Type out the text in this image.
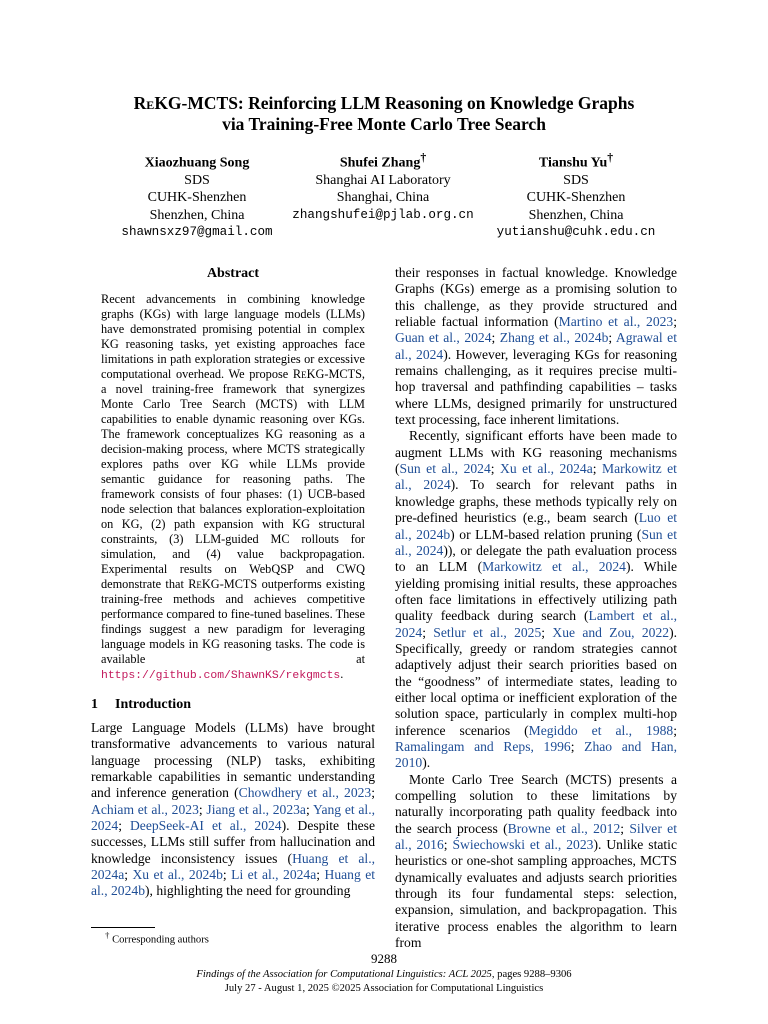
ReKG-MCTS: Reinforcing LLM Reasoning on Knowledge Graphs
via Training-Free Monte Carlo Tree Search
Xiaozhuang Song
SDS
CUHK-Shenzhen
Shenzhen, China
shawnsxz97@gmail.com
Shufei Zhang†
Shanghai AI Laboratory
Shanghai, China
zhangshufei@pjlab.org.cn
Tianshu Yu†
SDS
CUHK-Shenzhen
Shenzhen, China
yutianshu@cuhk.edu.cn
Abstract

Recent advancements in combining knowledge graphs (KGs) with large language models (LLMs) have demonstrated promising potential in complex KG reasoning tasks, yet existing approaches face limitations in path exploration strategies or excessive computational overhead. We propose ReKG-MCTS, a novel training-free framework that synergizes Monte Carlo Tree Search (MCTS) with LLM capabilities to enable dynamic reasoning over KGs. The framework conceptualizes KG reasoning as a decision-making process, where MCTS strategically explores paths over KG while LLMs provide semantic guidance for reasoning paths. The framework consists of four phases: (1) UCB-based node selection that balances exploration-exploitation on KG, (2) path expansion with KG structural constraints, (3) LLM-guided MC rollouts for simulation, and (4) value backpropagation. Experimental results on WebQSP and CWQ demonstrate that ReKG-MCTS outperforms existing training-free methods and achieves competitive performance compared to fine-tuned baselines. These findings suggest a new paradigm for leveraging language models in KG reasoning tasks. The code is available at https://github.com/ShawnKS/rekgmcts.

1 Introduction

Large Language Models (LLMs) have brought transformative advancements to various natural language processing (NLP) tasks, exhibiting remarkable capabilities in semantic understanding and inference generation (Chowdhery et al., 2023; Achiam et al., 2023; Jiang et al., 2023a; Yang et al., 2024; DeepSeek-AI et al., 2024). Despite these successes, LLMs still suffer from hallucination and knowledge inconsistency issues (Huang et al., 2024a; Xu et al., 2024b; Li et al., 2024a; Huang et al., 2024b), highlighting the need for grounding

their responses in factual knowledge. Knowledge Graphs (KGs) emerge as a promising solution to this challenge, as they provide structured and reliable factual information (Martino et al., 2023; Guan et al., 2024; Zhang et al., 2024b; Agrawal et al., 2024). However, leveraging KGs for reasoning remains challenging, as it requires precise multi-hop traversal and pathfinding capabilities – tasks where LLMs, designed primarily for unstructured text processing, face inherent limitations.

Recently, significant efforts have been made to augment LLMs with KG reasoning mechanisms (Sun et al., 2024; Xu et al., 2024a; Markowitz et al., 2024). To search for relevant paths in knowledge graphs, these methods typically rely on pre-defined heuristics (e.g., beam search (Luo et al., 2024b) or LLM-based relation pruning (Sun et al., 2024)), or delegate the path evaluation process to an LLM (Markowitz et al., 2024). While yielding promising initial results, these approaches often face limitations in effectively utilizing path quality feedback during search (Lambert et al., 2024; Setlur et al., 2025; Xue and Zou, 2022). Specifically, greedy or random strategies cannot adaptively adjust their search priorities based on the “goodness” of intermediate states, leading to either local optima or inefficient exploration of the solution space, particularly in complex multi-hop inference scenarios (Megiddo et al., 1988; Ramalingam and Reps, 1996; Zhao and Han, 2010).

Monte Carlo Tree Search (MCTS) presents a compelling solution to these limitations by naturally incorporating path quality feedback into the search process (Browne et al., 2012; Silver et al., 2016; Świechowski et al., 2023). Unlike static heuristics or one-shot sampling approaches, MCTS dynamically evaluates and adjusts search priorities through its four fundamental steps: selection, expansion, simulation, and backpropagation. This iterative process enables the algorithm to learn from

† Corresponding authors
9288
Findings of the Association for Computational Linguistics: ACL 2025, pages 9288–9306
July 27 - August 1, 2025 ©2025 Association for Computational Linguistics
